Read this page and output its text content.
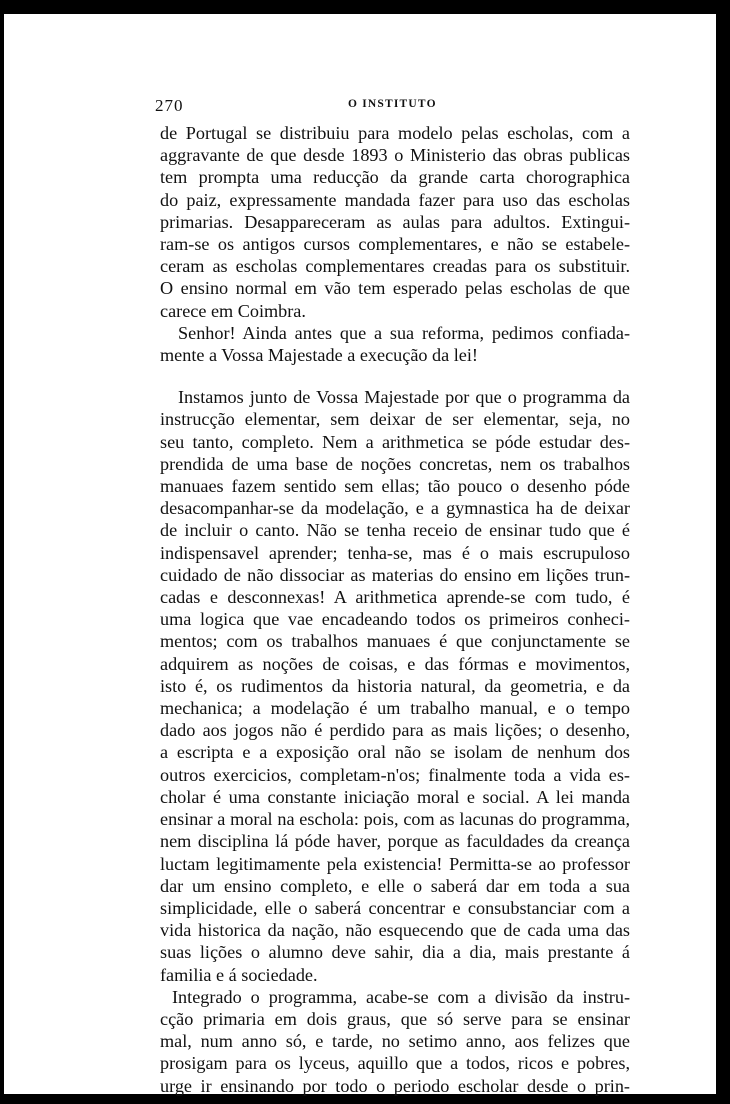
270	O INSTITUTO
de Portugal se distribuiu para modelo pelas escholas, com a
aggravante de que desde 1893 o Ministerio das obras publicas
tem prompta uma reducção da grande carta chorographica
do paiz, expressamente mandada fazer para uso das escholas
primarias. Desappareceram as aulas para adultos. Extingui-
ram-se os antigos cursos complementares, e não se estabele-
ceram as escholas complementares creadas para os substituir.
O ensino normal em vão tem esperado pelas escholas de que
carece em Coimbra.
Senhor! Ainda antes que a sua reforma, pedimos confiada-
mente a Vossa Majestade a execução da lei!
Instamos junto de Vossa Majestade por que o programma da
instrucção elementar, sem deixar de ser elementar, seja, no
seu tanto, completo. Nem a arithmetica se póde estudar des-
prendida de uma base de noções concretas, nem os trabalhos
manuaes fazem sentido sem ellas; tão pouco o desenho póde
desacompanhar-se da modelação, e a gymnastica ha de deixar
de incluir o canto. Não se tenha receio de ensinar tudo que é
indispensavel aprender; tenha-se, mas é o mais escrupuloso
cuidado de não dissociar as materias do ensino em lições trun-
cadas e desconnexas! A arithmetica aprende-se com tudo, é
uma logica que vae encadeando todos os primeiros conheci-
mentos; com os trabalhos manuaes é que conjunctamente se
adquirem as noções de coisas, e das fórmas e movimentos,
isto é, os rudimentos da historia natural, da geometria, e da
mechanica; a modelação é um trabalho manual, e o tempo
dado aos jogos não é perdido para as mais lições; o desenho,
a escripta e a exposição oral não se isolam de nenhum dos
outros exercicios, completam-n'os; finalmente toda a vida es-
cholar é uma constante iniciação moral e social. A lei manda
ensinar a moral na eschola: pois, com as lacunas do programma,
nem disciplina lá póde haver, porque as faculdades da creança
luctam legitimamente pela existencia! Permitta-se ao professor
dar um ensino completo, e elle o saberá dar em toda a sua
simplicidade, elle o saberá concentrar e consubstanciar com a
vida historica da nação, não esquecendo que de cada uma das
suas lições o alumno deve sahir, dia a dia, mais prestante á
familia e á sociedade.
Integrado o programma, acabe-se com a divisão da instru-
cção primaria em dois graus, que só serve para se ensinar
mal, num anno só, e tarde, no setimo anno, aos felizes que
prosigam para os lyceus, aquillo que a todos, ricos e pobres,
urge ir ensinando por todo o periodo escholar desde o prin-
